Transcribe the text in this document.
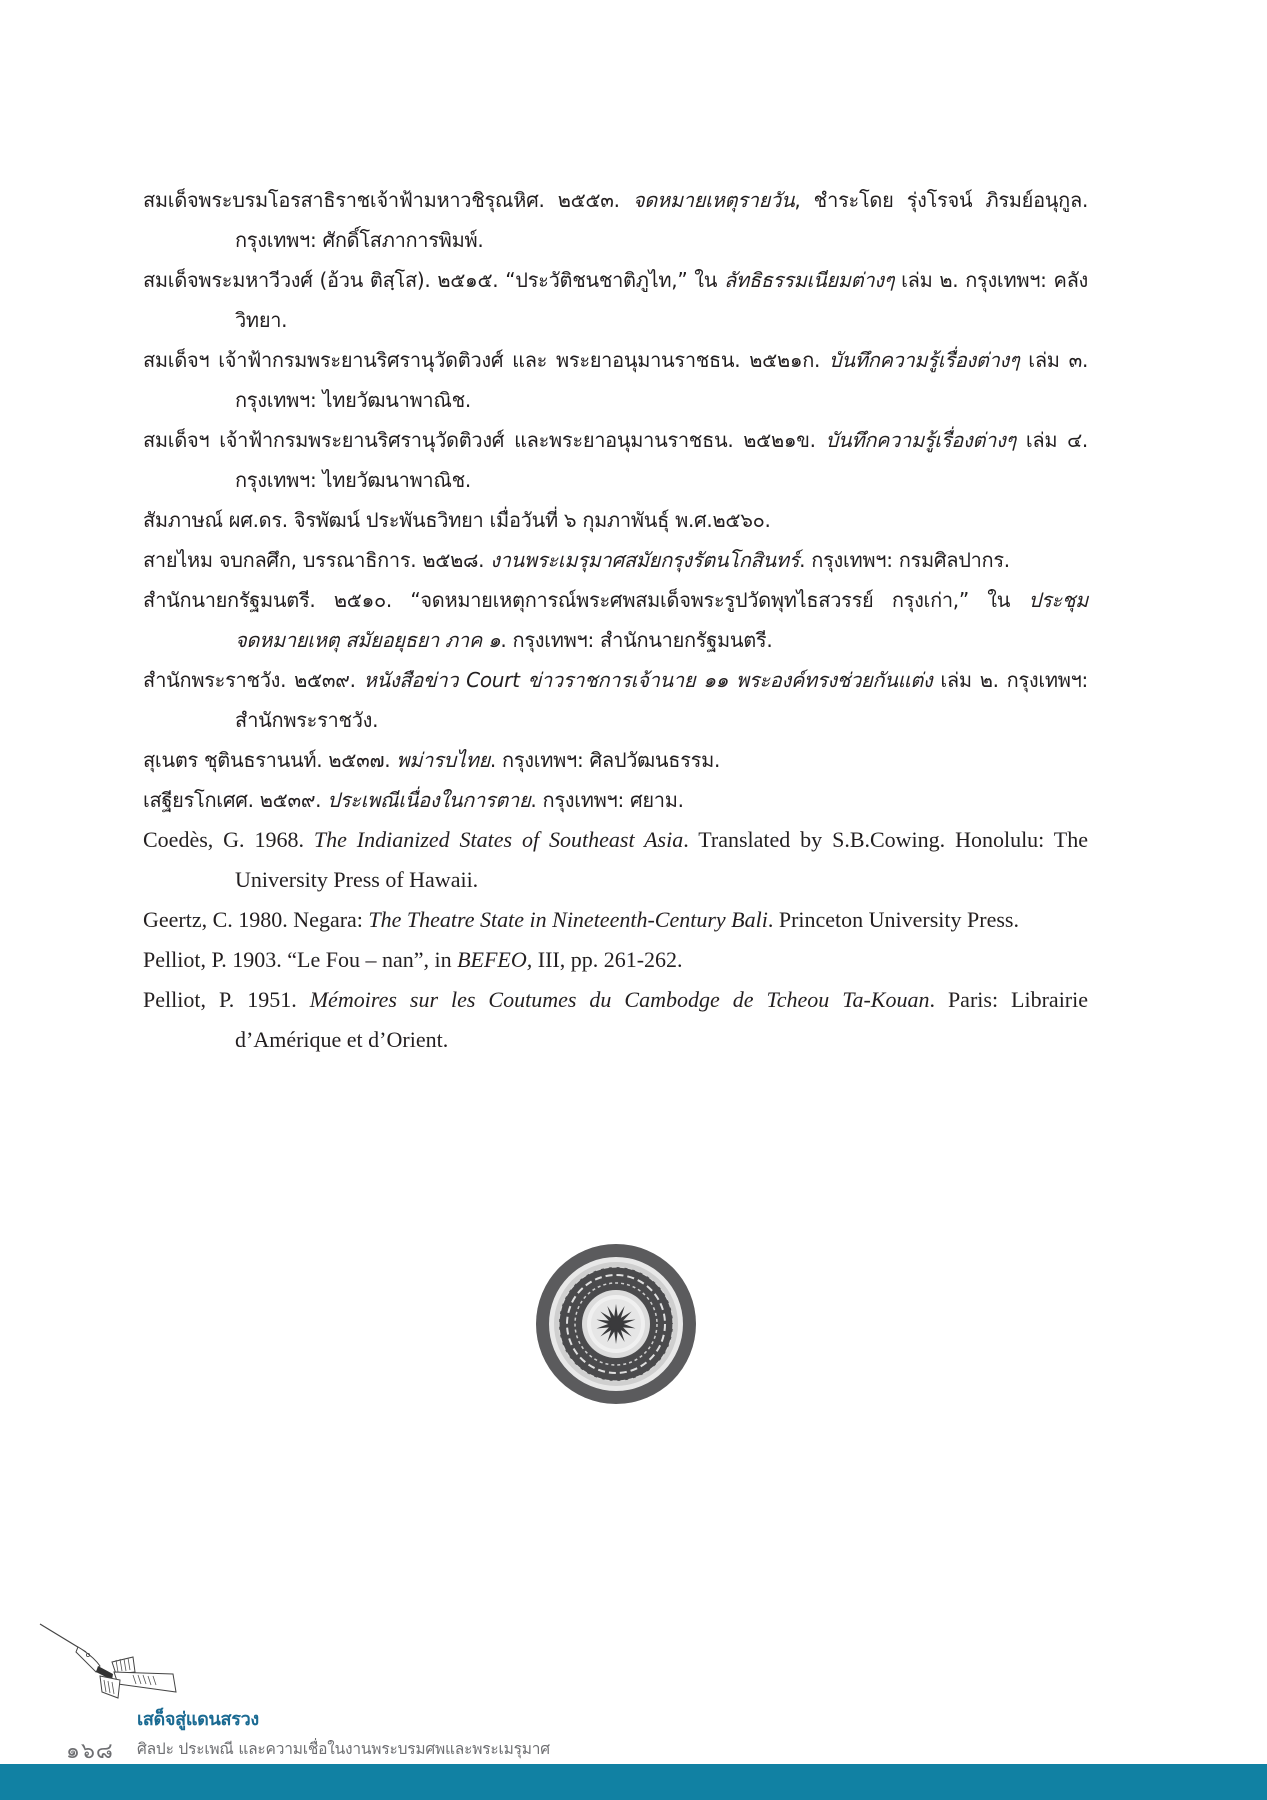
สมเด็จพระบรมโอรสาธิราชเจ้าฟ้ามหาวชิรุณหิศ. ๒๕๕๓. จดหมายเหตุรายวัน, ชำระโดย รุ่งโรจน์ ภิรมย์อนุกูล. กรุงเทพฯ: ศักดิ์โสภาการพิมพ์.

สมเด็จพระมหาวีวงศ์ (อ้วน ติสฺโส). ๒๕๑๕. “ประวัติชนชาติภูไท,” ใน ลัทธิธรรมเนียมต่างๆ เล่ม ๒. กรุงเทพฯ: คลังวิทยา.

สมเด็จฯ เจ้าฟ้ากรมพระยานริศรานุวัดติวงศ์ และ พระยาอนุมานราชธน. ๒๕๒๑ก. บันทึกความรู้เรื่องต่างๆ เล่ม ๓. กรุงเทพฯ: ไทยวัฒนาพาณิช.

สมเด็จฯ เจ้าฟ้ากรมพระยานริศรานุวัดติวงศ์ และพระยาอนุมานราชธน. ๒๕๒๑ข. บันทึกความรู้เรื่องต่างๆ เล่ม ๔. กรุงเทพฯ: ไทยวัฒนาพาณิช.

สัมภาษณ์ ผศ.ดร. จิรพัฒน์ ประพันธวิทยา เมื่อวันที่ ๖ กุมภาพันธุ์ พ.ศ.๒๕๖๐.

สายไหม จบกลศึก, บรรณาธิการ. ๒๕๒๘. งานพระเมรุมาศสมัยกรุงรัตนโกสินทร์. กรุงเทพฯ: กรมศิลปากร.

สำนักนายกรัฐมนตรี. ๒๕๑๐. “จดหมายเหตุการณ์พระศพสมเด็จพระรูปวัดพุทไธสวรรย์ กรุงเก่า,” ใน ประชุมจดหมายเหตุ สมัยอยุธยา ภาค ๑. กรุงเทพฯ: สำนักนายกรัฐมนตรี.

สำนักพระราชวัง. ๒๕๓๙. หนังสือข่าว Court ข่าวราชการเจ้านาย ๑๑ พระองค์ทรงช่วยกันแต่ง เล่ม ๒. กรุงเทพฯ: สำนักพระราชวัง.

สุเนตร ชุตินธรานนท์. ๒๕๓๗. พม่ารบไทย. กรุงเทพฯ: ศิลปวัฒนธรรม.

เสฐียรโกเศศ. ๒๕๓๙. ประเพณีเนื่องในการตาย. กรุงเทพฯ: ศยาม.

Coedès, G. 1968. The Indianized States of Southeast Asia. Translated by S.B.Cowing. Honolulu: The University Press of Hawaii.

Geertz, C. 1980. Negara: The Theatre State in Nineteenth-Century Bali. Princeton University Press.

Pelliot, P. 1903. “Le Fou – nan”, in BEFEO, III, pp. 261-262.

Pelliot, P. 1951. Mémoires sur les Coutumes du Cambodge de Tcheou Ta-Kouan. Paris: Librairie d’Amérique et d’Orient.

เสด็จสู่แดนสรวง
๑๖๘ ศิลปะ ประเพณี และความเชื่อในงานพระบรมศพและพระเมรุมาศ
